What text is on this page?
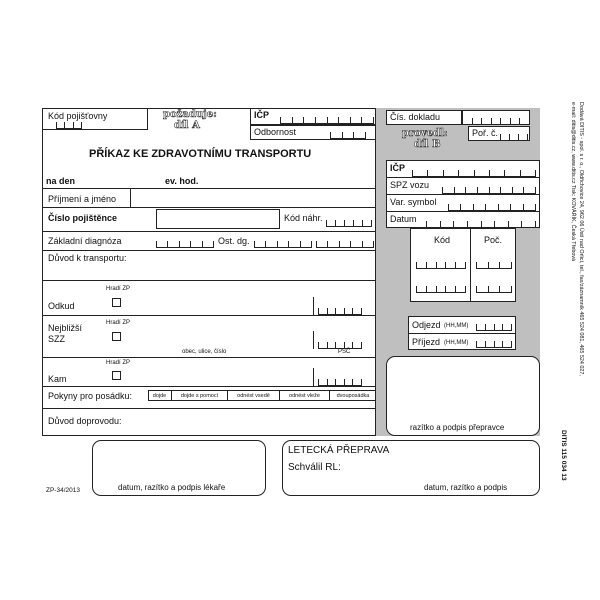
Kód pojišťovny	požaduje:
díl A
IČP
Odbornost
PŘÍKAZ KE ZDRAVOTNÍMU TRANSPORTU
na den	ev. hod.
Příjmení a jméno
Číslo pojištěnce	Kód náhr.
Základní diagnóza	Ost. dg.
Důvod k transportu:
Hradí ZP
Odkud
Hradí ZP
Nejbližší
SZZ
obec, ulice, číslo	PSČ
Hradí ZP
Kam
Pokyny pro posádku:	dojde	dojde s pomocí	odnést vsedě	odnést vleže	dvouposádka
Důvod doprovodu:
Čís. dokladu
provedl:
díl B
Poř. č.
IČP
SPZ vozu
Var. symbol
Datum
Kód	Poč.
Odjezd (HH,MM)
Příjezd (HH,MM)
razítko a podpis přepravce
ZP-34/2013	datum, razítko a podpis lékaře
LETECKÁ PŘEPRAVA
Schválil RL:
datum, razítko a podpis
Dodává DITIS - spol. s r. o., Oldřichovice 24, 962 06 Ústí nad Orlicí, tel., fax/záznamník 465 524 081, 465 524 027,
e-mail: ditis@ditis.cz, www.ditis.cz Tisk: KOVÁŘÍK, Česká Třebová
DITIS 115 034 13
